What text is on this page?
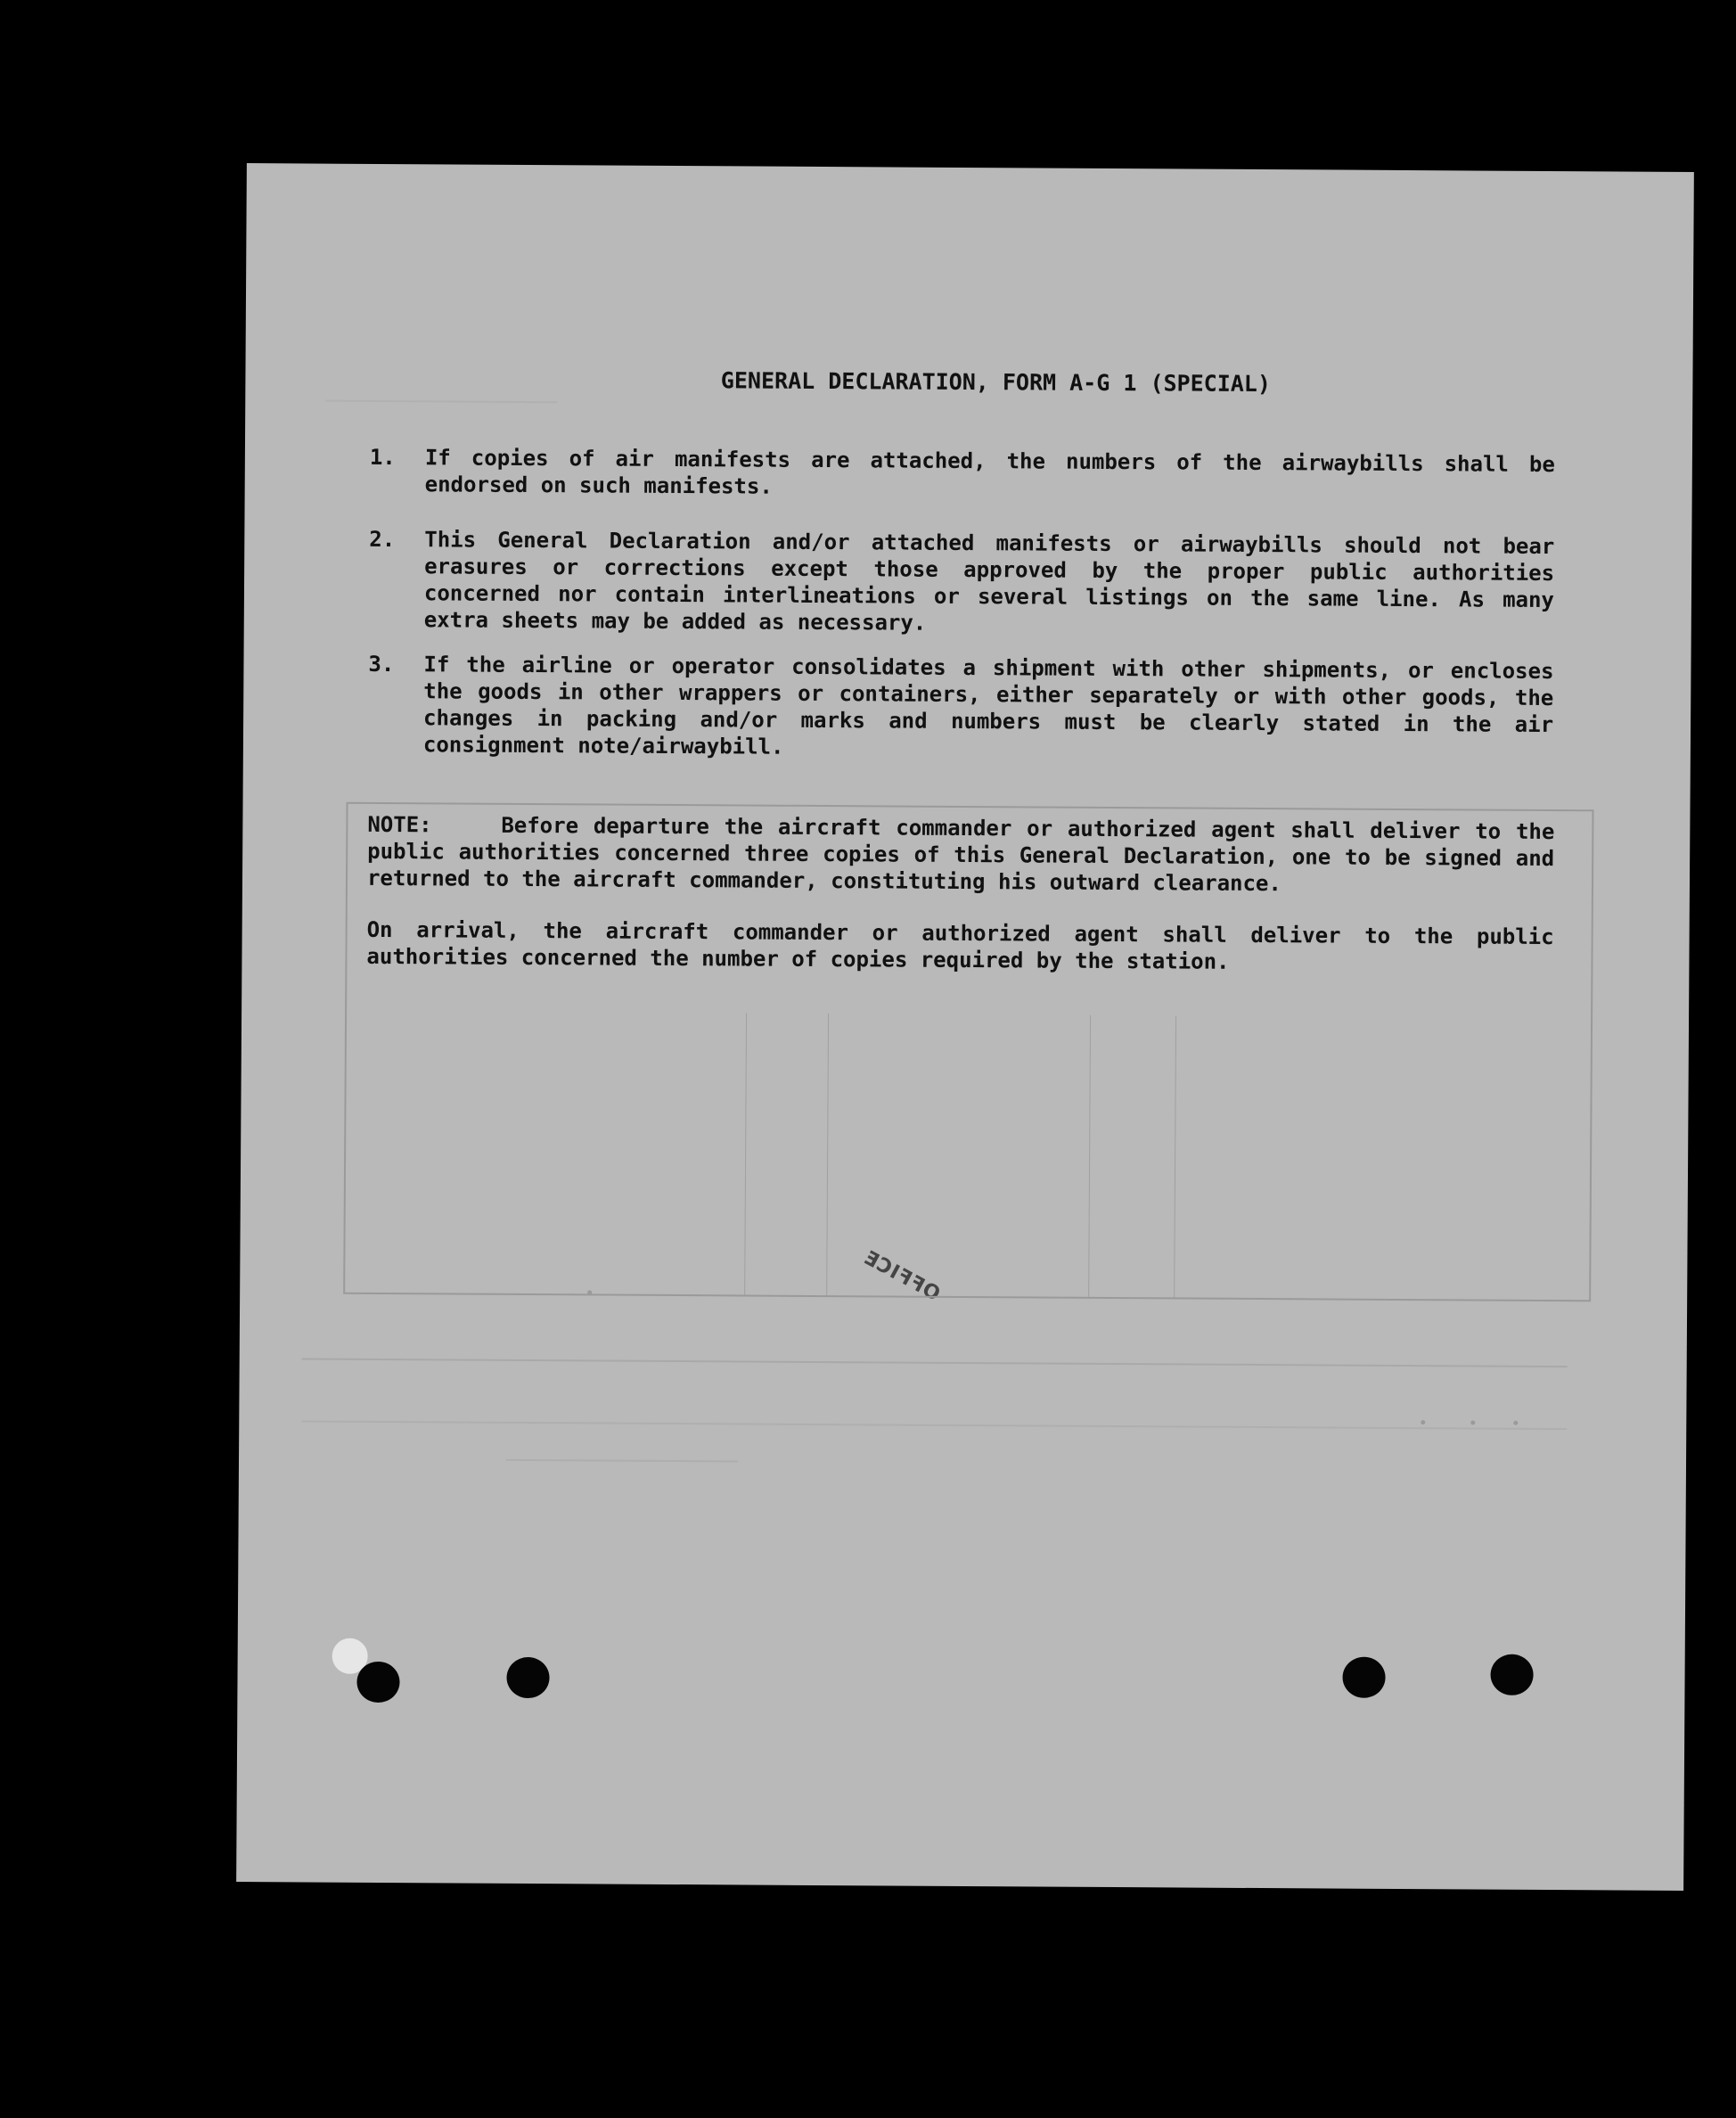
ƎƆIꟻꟻO
GENERAL DECLARATION, FORM A-G 1 (SPECIAL)
1.	If copies of air manifests are attached, the numbers of the airwaybills shall be endorsed on such manifests.
2.	This General Declaration and/or attached manifests or airwaybills should not bear erasures or corrections except those approved by the proper public authorities concerned nor contain interlineations or several listings on the same line. As many extra sheets may be added as necessary.
3.	If the airline or operator consolidates a shipment with other shipments, or encloses the goods in other wrappers or containers, either separately or with other goods, the changes in packing and/or marks and numbers must be clearly stated in the air consignment note/airwaybill.

NOTE:	Before departure the aircraft commander or authorized agent shall deliver to the public authorities concerned three copies of this General Declaration, one to be signed and returned to the aircraft commander, constituting his outward clearance.

On arrival, the aircraft commander or authorized agent shall deliver to the public authorities concerned the number of copies required by the station.
